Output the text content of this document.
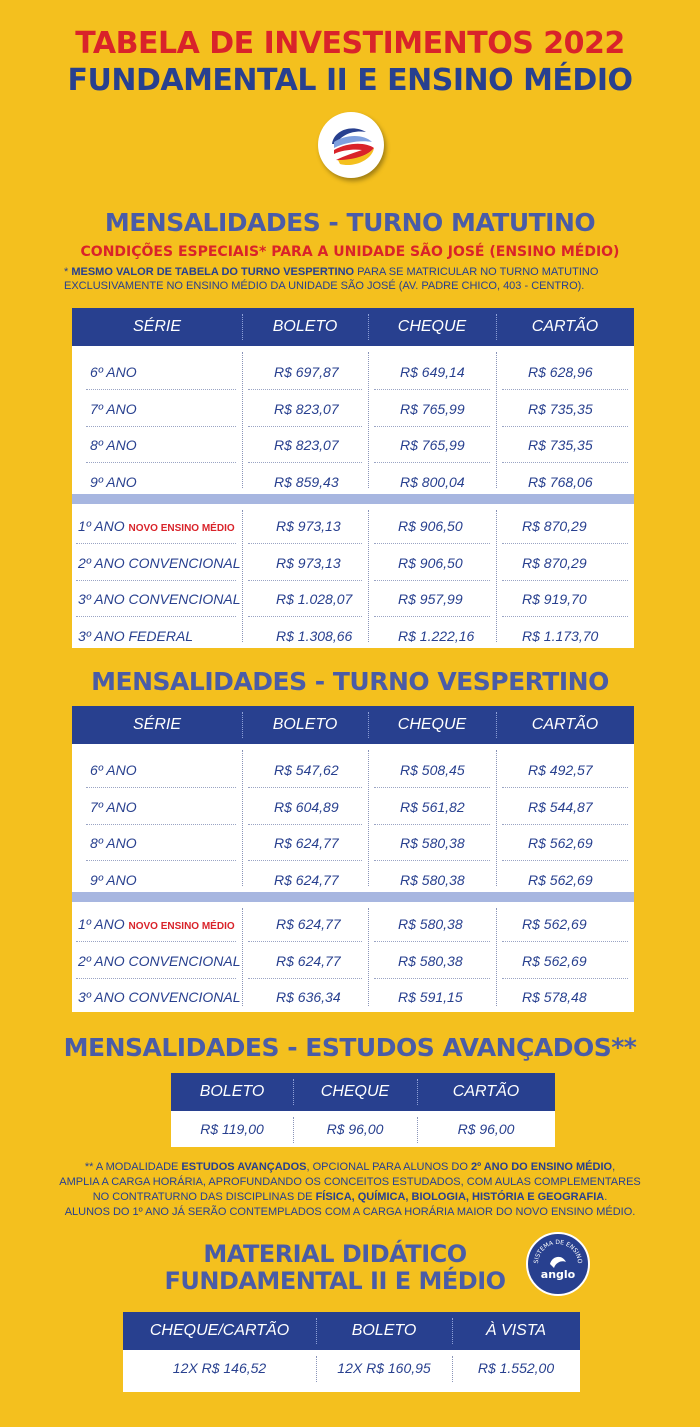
TABELA DE INVESTIMENTOS 2022
FUNDAMENTAL II E ENSINO MÉDIO
MENSALIDADES - TURNO MATUTINO
CONDIÇÕES ESPECIAIS* PARA A UNIDADE SÃO JOSÉ (ENSINO MÉDIO)
* MESMO VALOR DE TABELA DO TURNO VESPERTINO PARA SE MATRICULAR NO TURNO MATUTINO EXCLUSIVAMENTE NO ENSINO MÉDIO DA UNIDADE SÃO JOSÉ (AV. PADRE CHICO, 403 - CENTRO).
SÉRIE	BOLETO	CHEQUE	CARTÃO
6º ANO	R$ 697,87	R$ 649,14	R$ 628,96
7º ANO	R$ 823,07	R$ 765,99	R$ 735,35
8º ANO	R$ 823,07	R$ 765,99	R$ 735,35
9º ANO	R$ 859,43	R$ 800,04	R$ 768,06
1º ANO NOVO ENSINO MÉDIO	R$ 973,13	R$ 906,50	R$ 870,29
2º ANO CONVENCIONAL	R$ 973,13	R$ 906,50	R$ 870,29
3º ANO CONVENCIONAL	R$ 1.028,07	R$ 957,99	R$ 919,70
3º ANO FEDERAL	R$ 1.308,66	R$ 1.222,16	R$ 1.173,70
MENSALIDADES - TURNO VESPERTINO
SÉRIE	BOLETO	CHEQUE	CARTÃO
6º ANO	R$ 547,62	R$ 508,45	R$ 492,57
7º ANO	R$ 604,89	R$ 561,82	R$ 544,87
8º ANO	R$ 624,77	R$ 580,38	R$ 562,69
9º ANO	R$ 624,77	R$ 580,38	R$ 562,69
1º ANO NOVO ENSINO MÉDIO	R$ 624,77	R$ 580,38	R$ 562,69
2º ANO CONVENCIONAL	R$ 624,77	R$ 580,38	R$ 562,69
3º ANO CONVENCIONAL	R$ 636,34	R$ 591,15	R$ 578,48
MENSALIDADES - ESTUDOS AVANÇADOS**
BOLETO	CHEQUE	CARTÃO
R$ 119,00	R$ 96,00	R$ 96,00
** A MODALIDADE ESTUDOS AVANÇADOS, OPCIONAL PARA ALUNOS DO 2º ANO DO ENSINO MÉDIO,
AMPLIA A CARGA HORÁRIA, APROFUNDANDO OS CONCEITOS ESTUDADOS, COM AULAS COMPLEMENTARES
NO CONTRATURNO DAS DISCIPLINAS DE FÍSICA, QUÍMICA, BIOLOGIA, HISTÓRIA E GEOGRAFIA.
ALUNOS DO 1º ANO JÁ SERÃO CONTEMPLADOS COM A CARGA HORÁRIA MAIOR DO NOVO ENSINO MÉDIO.
MATERIAL DIDÁTICO
FUNDAMENTAL II E MÉDIO
SISTEMA DE ENSINO
anglo
CHEQUE/CARTÃO	BOLETO	À VISTA
12X R$ 146,52	12X R$ 160,95	R$ 1.552,00
